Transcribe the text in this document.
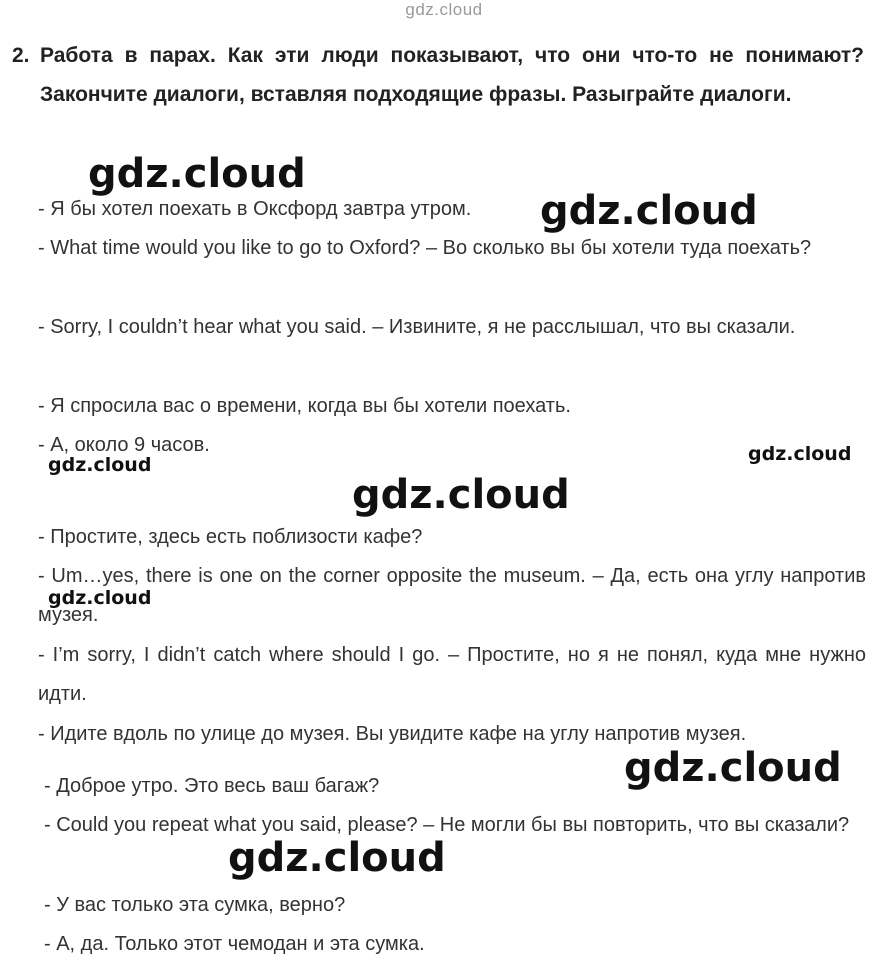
gdz.cloud
2. Работа в парах. Как эти люди показывают, что они что-то не понимают? Закончите диалоги, вставляя подходящие фразы. Разыграйте диалоги.
- Я бы хотел поехать в Оксфорд завтра утром.
- What time would you like to go to Oxford? – Во сколько вы бы хотели туда поехать?
- Sorry, I couldn’t hear what you said. – Извините, я не расслышал, что вы сказали.
- Я спросила вас о времени, когда вы бы хотели поехать.
- А, около 9 часов.
- Простите, здесь есть поблизости кафе?
- Um…yes, there is one on the corner opposite the museum. – Да, есть она углу напротив музея.
- I’m sorry, I didn’t catch where should I go. – Простите, но я не понял, куда мне нужно идти.
- Идите вдоль по улице до музея. Вы увидите кафе на углу напротив музея.
- Доброе утро. Это весь ваш багаж?
- Could you repeat what you said, please? – Не могли бы вы повторить, что вы сказали?
- У вас только эта сумка, верно?
- А, да. Только этот чемодан и эта сумка.
gdz.cloud
gdz.cloud
gdz.cloud	gdz.cloud
gdz.cloud
gdz.cloud
gdz.cloud
gdz.cloud
